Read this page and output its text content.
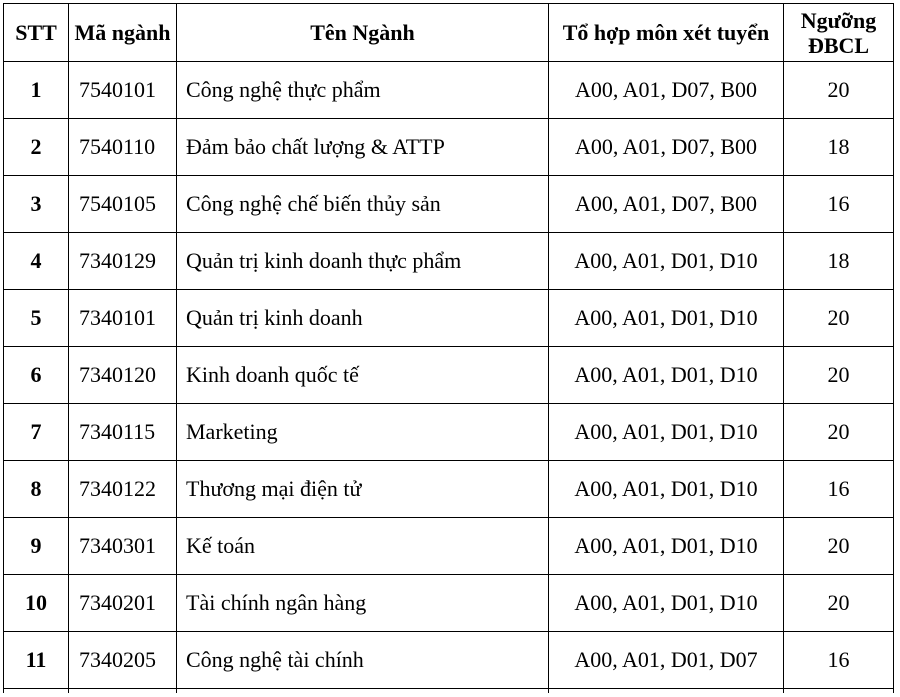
STT	Mã ngành	Tên Ngành	Tổ hợp môn xét tuyển	Ngưỡng ĐBCL
1	7540101	Công nghệ thực phẩm	A00, A01, D07, B00	20
2	7540110	Đảm bảo chất lượng & ATTP	A00, A01, D07, B00	18
3	7540105	Công nghệ chế biến thủy sản	A00, A01, D07, B00	16
4	7340129	Quản trị kinh doanh thực phẩm	A00, A01, D01, D10	18
5	7340101	Quản trị kinh doanh	A00, A01, D01, D10	20
6	7340120	Kinh doanh quốc tế	A00, A01, D01, D10	20
7	7340115	Marketing	A00, A01, D01, D10	20
8	7340122	Thương mại điện tử	A00, A01, D01, D10	16
9	7340301	Kế toán	A00, A01, D01, D10	20
10	7340201	Tài chính ngân hàng	A00, A01, D01, D10	20
11	7340205	Công nghệ tài chính	A00, A01, D01, D07	16
